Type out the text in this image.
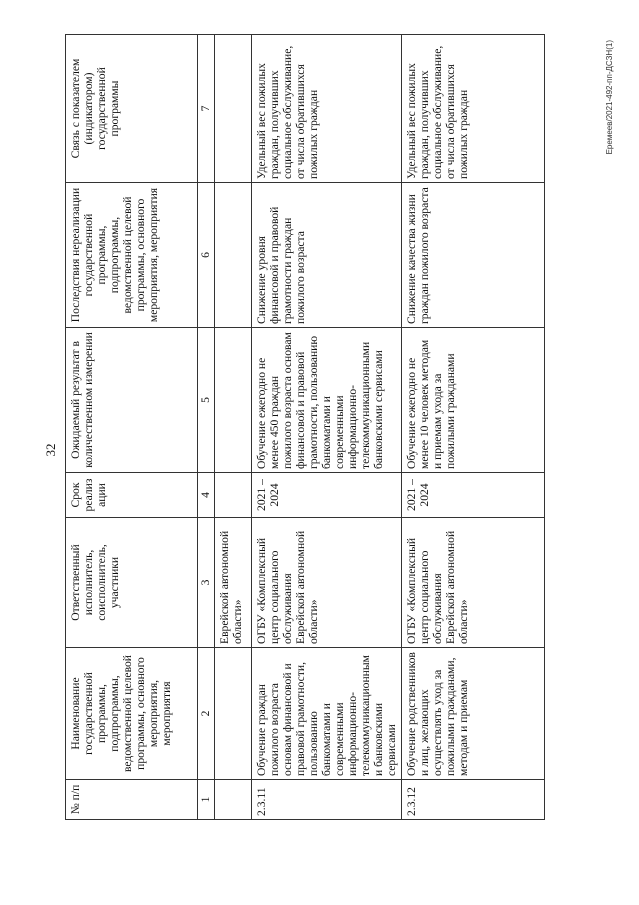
32
№ п/п	Наименование государственной программы, подпрограммы, ведомственной целевой программы, основного мероприятия, мероприятия	Ответственный исполнитель, соисполнитель, участники	Срок реализации	Ожидаемый результат в количественном измерении	Последствия нереализации государственной программы, подпрограммы, ведомственной целевой программы, основного мероприятия, мероприятия	Связь с показателем (индикатором) государственной программы
1	2	3	4	5	6	7
		Еврейской автономной области»				
2.3.11	Обучение граждан пожилого возраста основам финансовой и правовой грамотности, пользованию банкоматами и современными информационно-телекоммуникационными банковскими сервисами	ОГБУ «Комплексный центр социального обслуживания Еврейской автономной области»	2021 – 2024	Обучение ежегодно не менее 450 граждан пожилого возраста основам финансовой и правовой грамотности, пользованию банкоматами и современными информационно-телекоммуникационными банковскими сервисами	Снижение уровня финансовой и правовой грамотности граждан пожилого возраста	Удельный вес пожилых граждан, получивших социальное обслуживание, от числа обратившихся пожилых граждан
2.3.12	Обучение родственников и лиц, желающих осуществлять уход за пожилыми гражданами, методам и приемам	ОГБУ «Комплексный центр социального обслуживания Еврейской автономной области»	2021 – 2024	Обучение ежегодно не менее 10 человек методам и приемам ухода за пожилыми гражданами	Снижение качества жизни граждан пожилого возраста	Удельный вес пожилых граждан, получивших социальное обслуживание, от числа обратившихся пожилых граждан	Еремеев/2021-492-пп-ДСЗН(1)
